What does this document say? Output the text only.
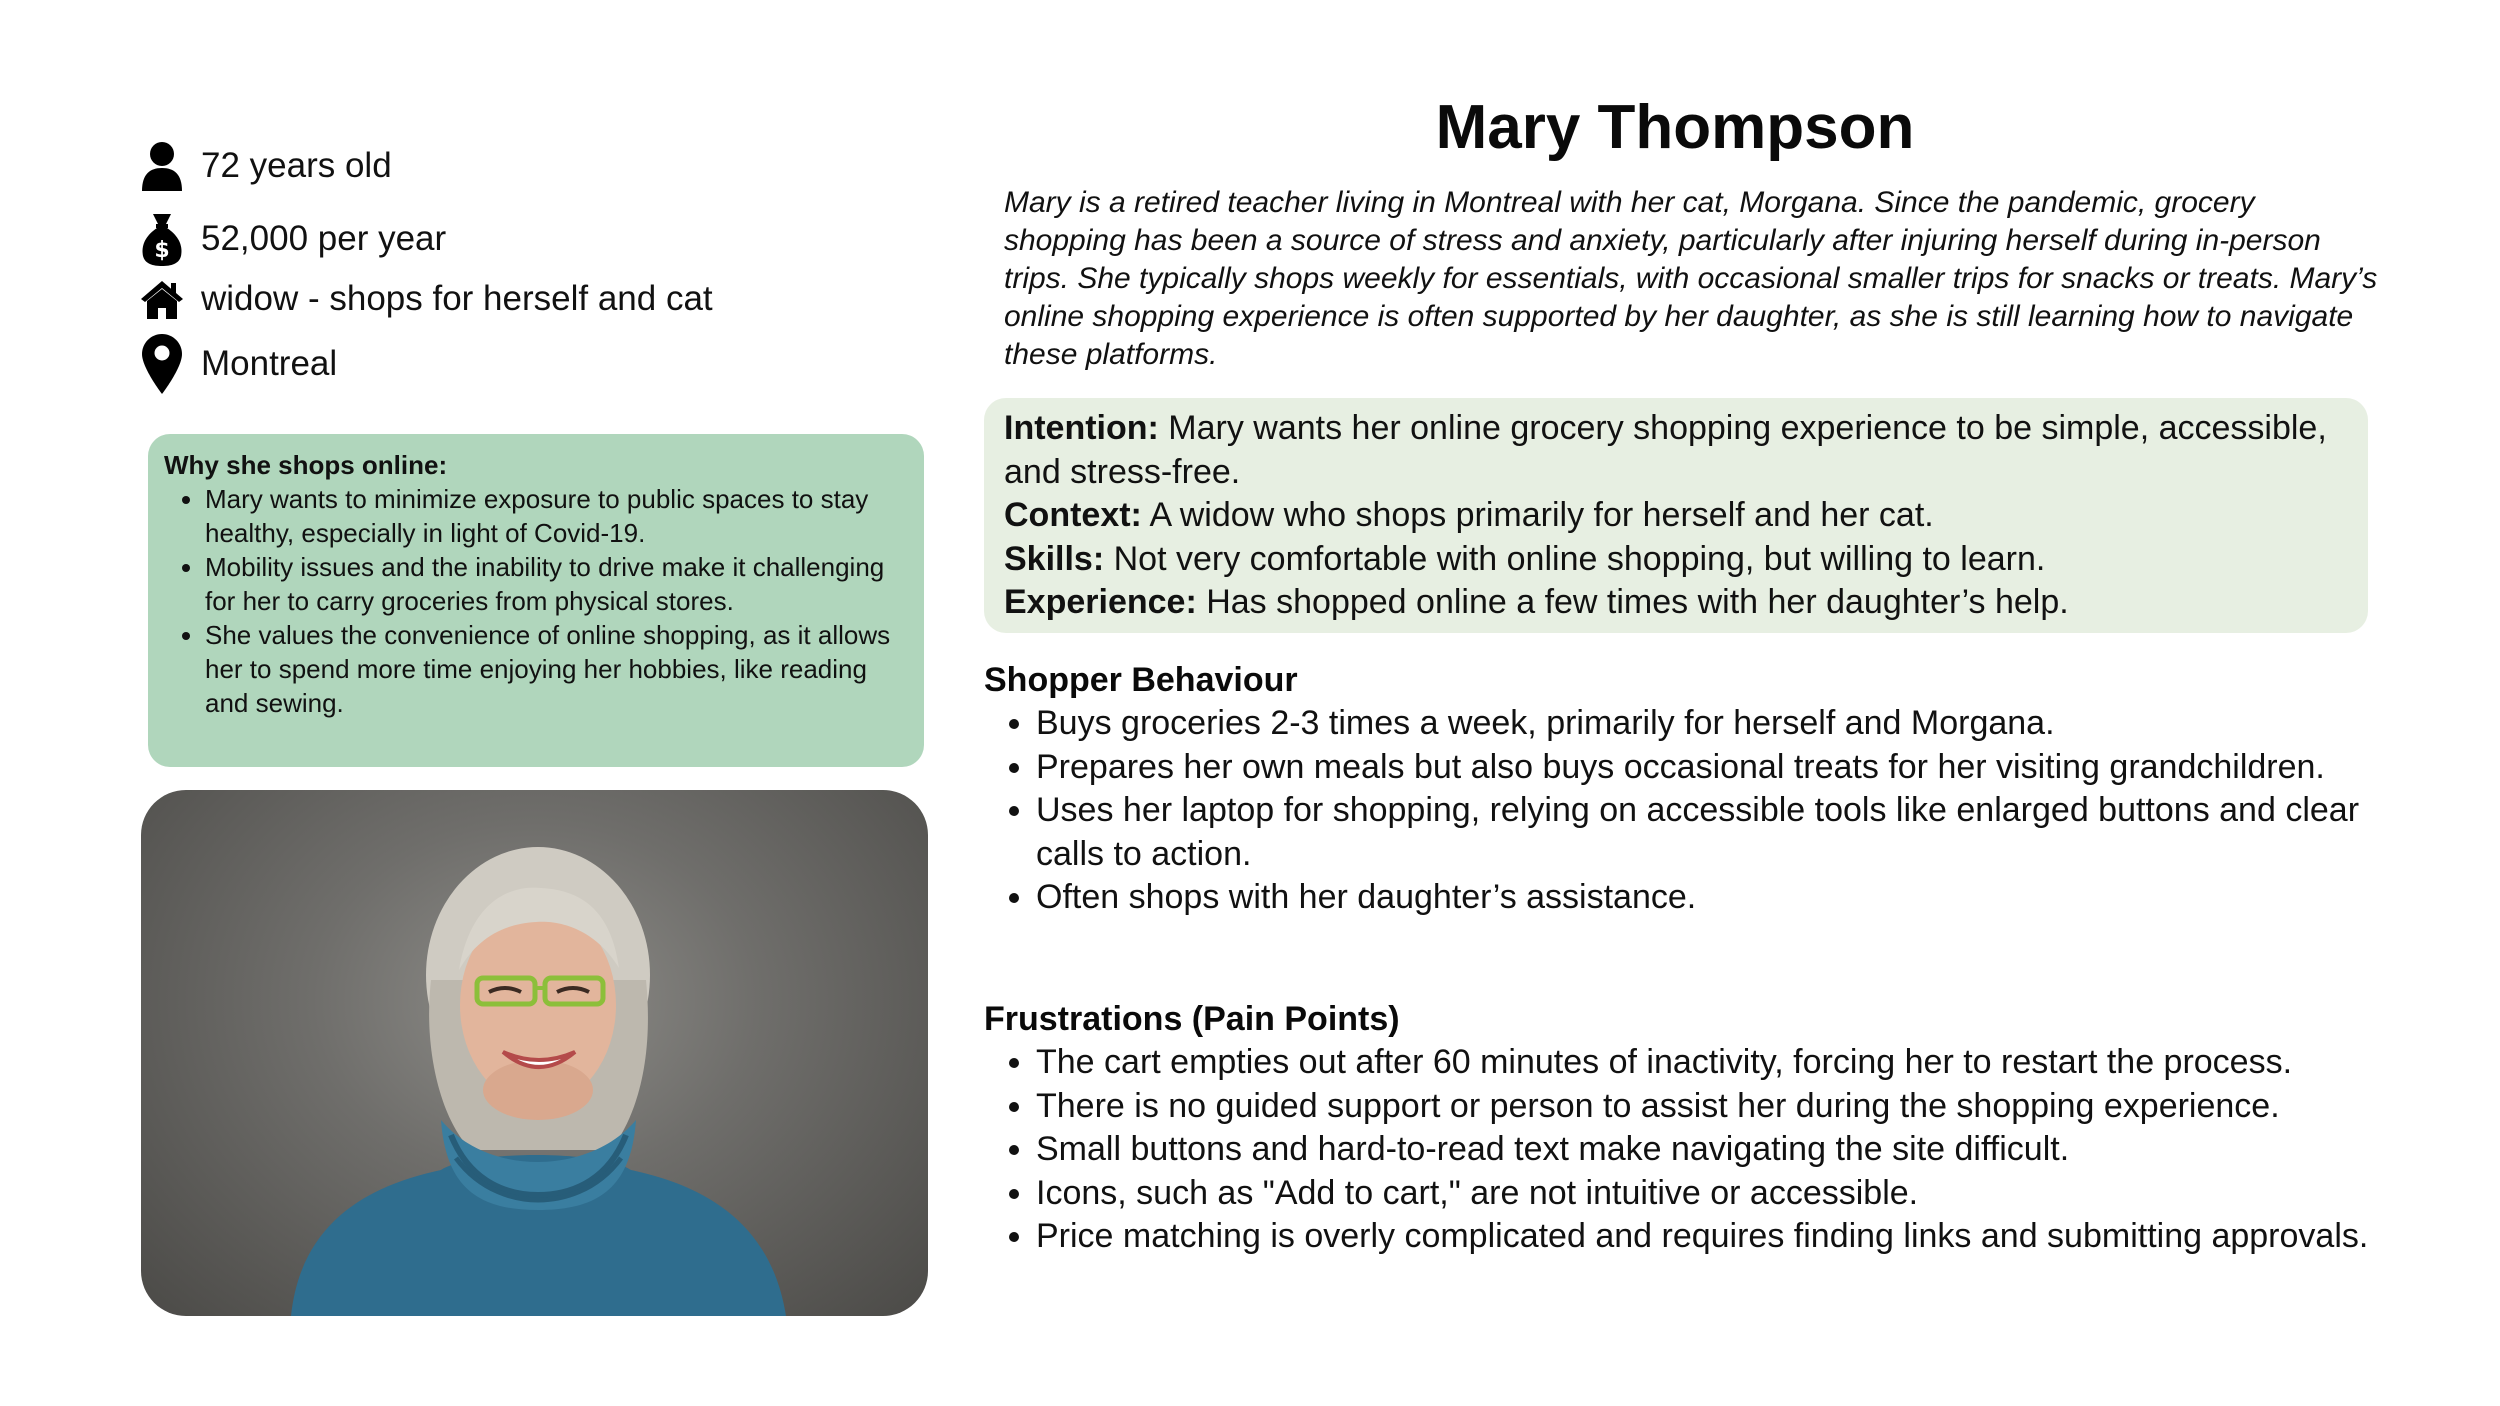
72 years old
$ 52,000 per year
widow - shops for herself and cat
Montreal
Why she shops online:
• Mary wants to minimize exposure to public spaces to stay healthy, especially in light of Covid-19.
• Mobility issues and the inability to drive make it challenging for her to carry groceries from physical stores.
• She values the convenience of online shopping, as it allows her to spend more time enjoying her hobbies, like reading and sewing.
Mary Thompson
Mary is a retired teacher living in Montreal with her cat, Morgana. Since the pandemic, grocery shopping has been a source of stress and anxiety, particularly after injuring herself during in-person trips. She typically shops weekly for essentials, with occasional smaller trips for snacks or treats. Mary’s online shopping experience is often supported by her daughter, as she is still learning how to navigate these platforms.

Intention: Mary wants her online grocery shopping experience to be simple, accessible, and stress-free.

Context: A widow who shops primarily for herself and her cat.

Skills: Not very comfortable with online shopping, but willing to learn.

Experience: Has shopped online a few times with her daughter’s help.

Shopper Behaviour
• Buys groceries 2-3 times a week, primarily for herself and Morgana.
• Prepares her own meals but also buys occasional treats for her visiting grandchildren.
• Uses her laptop for shopping, relying on accessible tools like enlarged buttons and clear calls to action.
• Often shops with her daughter’s assistance.
Frustrations (Pain Points)
• The cart empties out after 60 minutes of inactivity, forcing her to restart the process.
• There is no guided support or person to assist her during the shopping experience.
• Small buttons and hard-to-read text make navigating the site difficult.
• Icons, such as "Add to cart," are not intuitive or accessible.
• Price matching is overly complicated and requires finding links and submitting approvals.
